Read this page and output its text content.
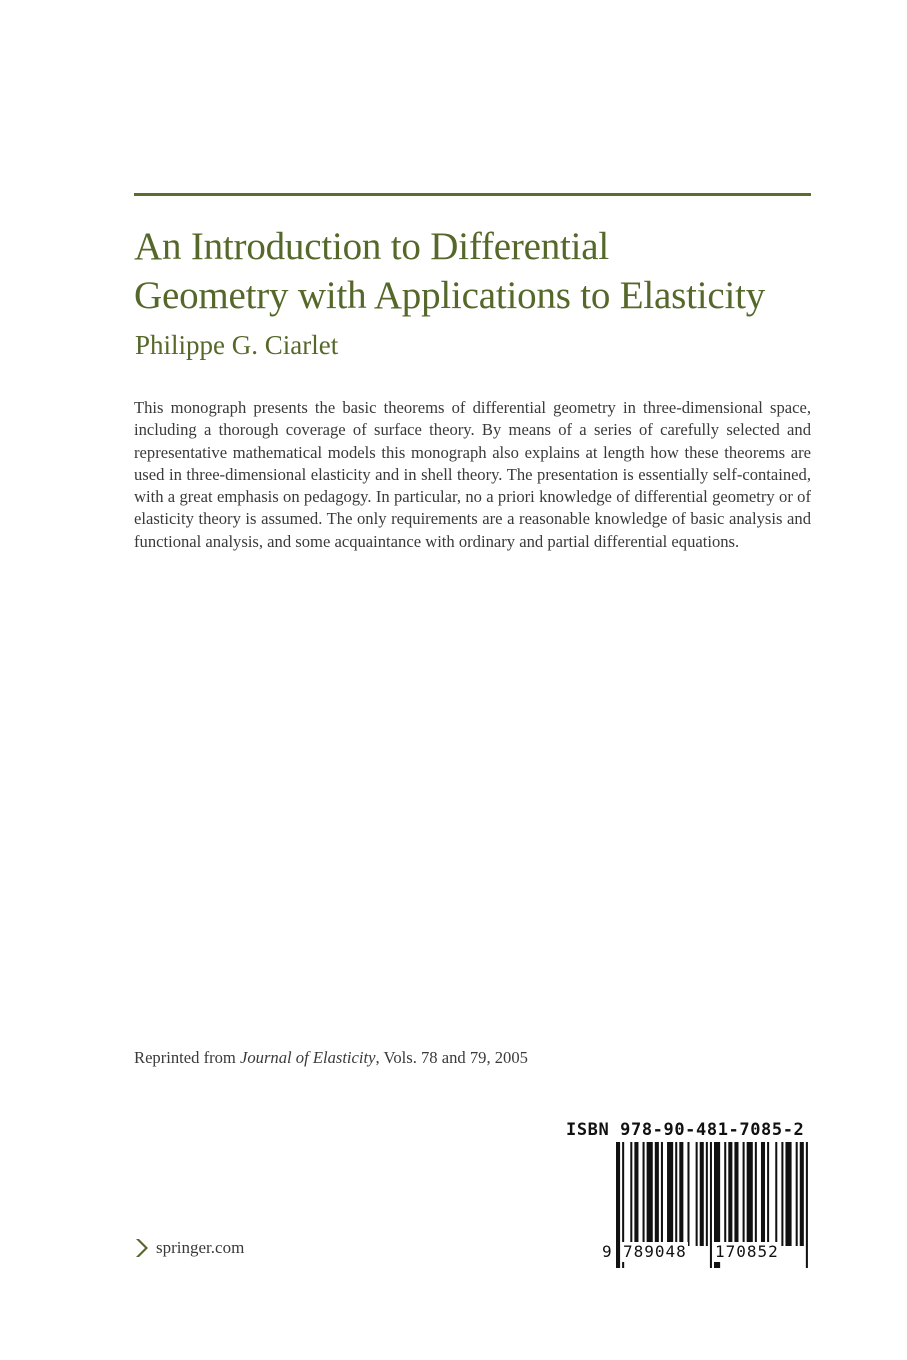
An Introduction to Differential
Geometry with Applications to Elasticity

Philippe G. Ciarlet

This monograph presents the basic theorems of differential geometry in three-dimensional space, including a thorough coverage of surface theory. By means of a series of carefully selected and representative mathematical models this monograph also explains at length how these theorems are used in three-dimensional elasticity and in shell theory. The presentation is essentially self-contained, with a great emphasis on pedagogy. In particular, no a priori knowledge of differential geometry or of elasticity theory is assumed. The only requirements are a reasonable knowledge of basic analysis and functional analysis, and some acquaintance with ordinary and partial differential equations.

Reprinted from Journal of Elasticity, Vols. 78 and 79, 2005

springer.com
ISBN 978-90-481-7085-2
9 789048 170852
